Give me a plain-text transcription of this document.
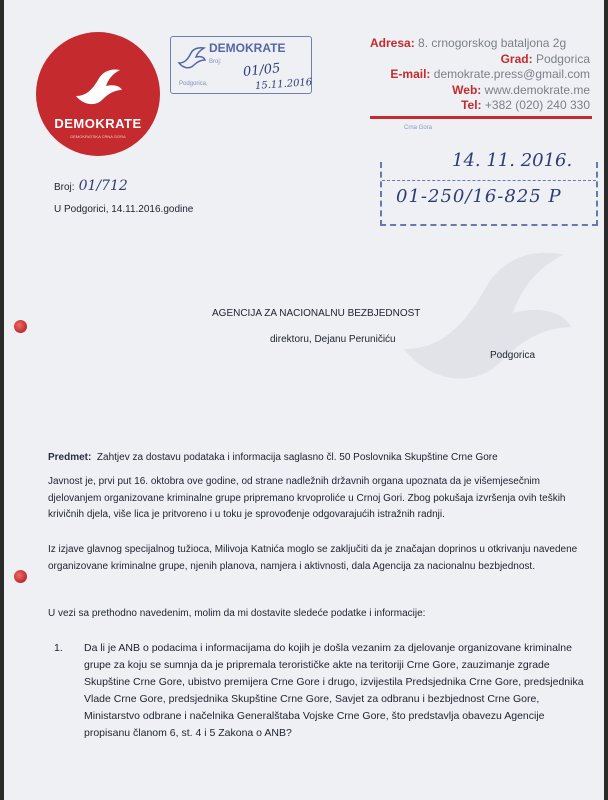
DEMOKRATE
DEMOKRATSKA CRNA GORA
DEMOKRATE
Broj:
Podgorica,
01/05
15.11.2016
Adresa: 8. crnogorskog bataljona 2g
Grad: Podgorica
E-mail: demokrate.press@gmail.com
Web: www.demokrate.me
Tel: +382 (020) 240 330
Crna Gora
14. 11. 2016.
01-250/16-825 P
Broj: 01/712
U Podgorici, 14.11.2016.godine
AGENCIJA ZA NACIONALNU BEZBJEDNOST
direktoru, Dejanu Peruničiću
Podgorica
Predmet: Zahtjev za dostavu podataka i informacija saglasno čl. 50 Poslovnika Skupštine Crne Gore
Javnost je, prvi put 16. oktobra ove godine, od strane nadležnih državnih organa upoznata da je višemjesečnim djelovanjem organizovane kriminalne grupe pripremano krvoproliće u Crnoj Gori. Zbog pokušaja izvršenja ovih teških krivičnih djela, više lica je pritvoreno i u toku je sprovođenje odgovarajućih istražnih radnji.
Iz izjave glavnog specijalnog tužioca, Milivoja Katnića moglo se zaključiti da je značajan doprinos u otkrivanju navedene organizovane kriminalne grupe, njenih planova, namjera i aktivnosti, dala Agencija za nacionalnu bezbjednost.
U vezi sa prethodno navedenim, molim da mi dostavite sledeće podatke i informacije:
1.	Da li je ANB o podacima i informacijama do kojih je došla vezanim za djelovanje organizovane kriminalne grupe za koju se sumnja da je pripremala terorističke akte na teritoriji Crne Gore, zauzimanje zgrade Skupštine Crne Gore, ubistvo premijera Crne Gore i drugo, izvijestila Predsjednika Crne Gore, predsjednika Vlade Crne Gore, predsjednika Skupštine Crne Gore, Savjet za odbranu i bezbjednost Crne Gore, Ministarstvo odbrane i načelnika Generalštaba Vojske Crne Gore, što predstavlja obavezu Agencije propisanu članom 6, st. 4 i 5 Zakona o ANB?
